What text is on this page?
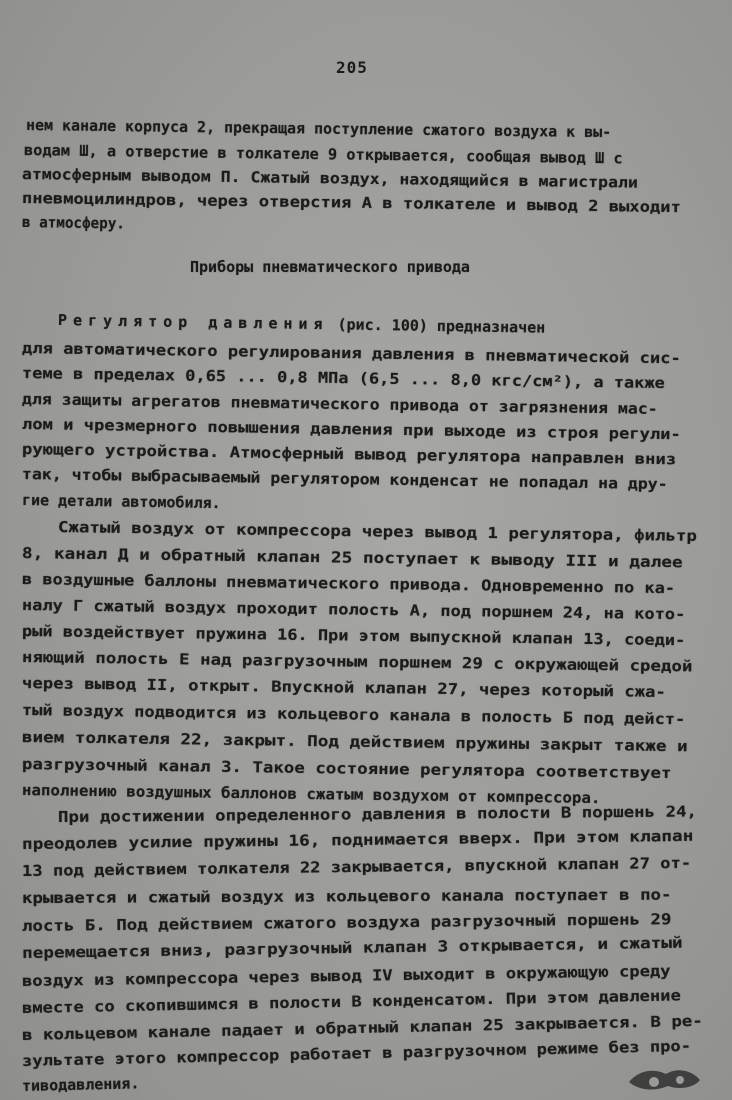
205
нем канале корпуса 2, прекращая поступление сжатого воздуха к вы-
водам Ш, а отверстие в толкателе 9 открывается, сообщая вывод Ш с
атмосферным выводом П. Сжатый воздух, находящийся в магистрали
пневмоцилиндров, через отверстия А в толкателе и вывод 2 выходит
в атмосферу.
Приборы пневматического привода
Регулятор давления (рис. 100) предназначен
для автоматического регулирования давления в пневматической сис-
теме в пределах 0,65 ... 0,8 МПа (6,5 ... 8,0 кгс/см²), а также
для защиты агрегатов пневматического привода от загрязнения мас-
лом и чрезмерного повышения давления при выходе из строя регули-
рующего устройства. Атмосферный вывод регулятора направлен вниз
так, чтобы выбрасываемый регулятором конденсат не попадал на дру-
гие детали автомобиля.
Сжатый воздух от компрессора через вывод 1 регулятора, фильтр
8, канал Д и обратный клапан 25 поступает к выводу III и далее
в воздушные баллоны пневматического привода. Одновременно по ка-
налу Г сжатый воздух проходит полость А, под поршнем 24, на кото-
рый воздействует пружина 16. При этом выпускной клапан 13, соеди-
няющий полость Е над разгрузочным поршнем 29 с окружающей средой
через вывод II, открыт. Впускной клапан 27, через который сжа-
тый воздух подводится из кольцевого канала в полость Б под дейст-
вием толкателя 22, закрыт. Под действием пружины закрыт также и
разгрузочный канал 3. Такое состояние регулятора соответствует
наполнению воздушных баллонов сжатым воздухом от компрессора.
При достижении определенного давления в полости В поршень 24,
преодолев усилие пружины 16, поднимается вверх. При этом клапан
13 под действием толкателя 22 закрывается, впускной клапан 27 от-
крывается и сжатый воздух из кольцевого канала поступает в по-
лость Б. Под действием сжатого воздуха разгрузочный поршень 29
перемещается вниз, разгрузочный клапан 3 открывается, и сжатый
воздух из компрессора через вывод IV выходит в окружающую среду
вместе со скопившимся в полости В конденсатом. При этом давление
в кольцевом канале падает и обратный клапан 25 закрывается. В ре-
зультате этого компрессор работает в разгрузочном режиме без про-
тиводавления.
